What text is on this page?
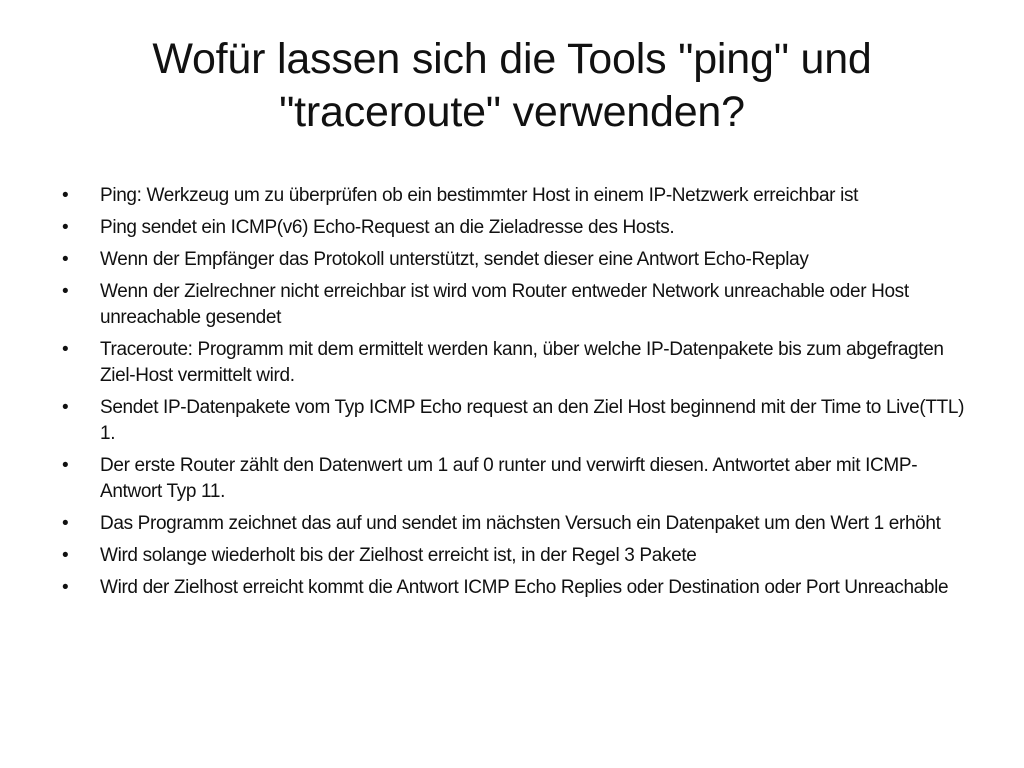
Wofür lassen sich die Tools "ping" und
"traceroute" verwenden?
• Ping: Werkzeug um zu überprüfen ob ein bestimmter Host in einem IP-Netzwerk erreichbar ist
• Ping sendet ein ICMP(v6) Echo-Request an die Zieladresse des Hosts.
• Wenn der Empfänger das Protokoll unterstützt, sendet dieser eine Antwort Echo-Replay
• Wenn der Zielrechner nicht erreichbar ist wird vom Router entweder Network unreachable oder Host unreachable gesendet
• Traceroute: Programm mit dem ermittelt werden kann, über welche IP-Datenpakete bis zum abgefragten Ziel-Host vermittelt wird.
• Sendet IP-Datenpakete vom Typ ICMP Echo request an den Ziel Host beginnend mit der Time to Live(TTL) 1.
• Der erste Router zählt den Datenwert um 1 auf 0 runter und verwirft diesen. Antwortet aber mit ICMP-Antwort Typ 11.
• Das Programm zeichnet das auf und sendet im nächsten Versuch ein Datenpaket um den Wert 1 erhöht
• Wird solange wiederholt bis der Zielhost erreicht ist, in der Regel 3 Pakete
• Wird der Zielhost erreicht kommt die Antwort ICMP Echo Replies oder Destination oder Port Unreachable
